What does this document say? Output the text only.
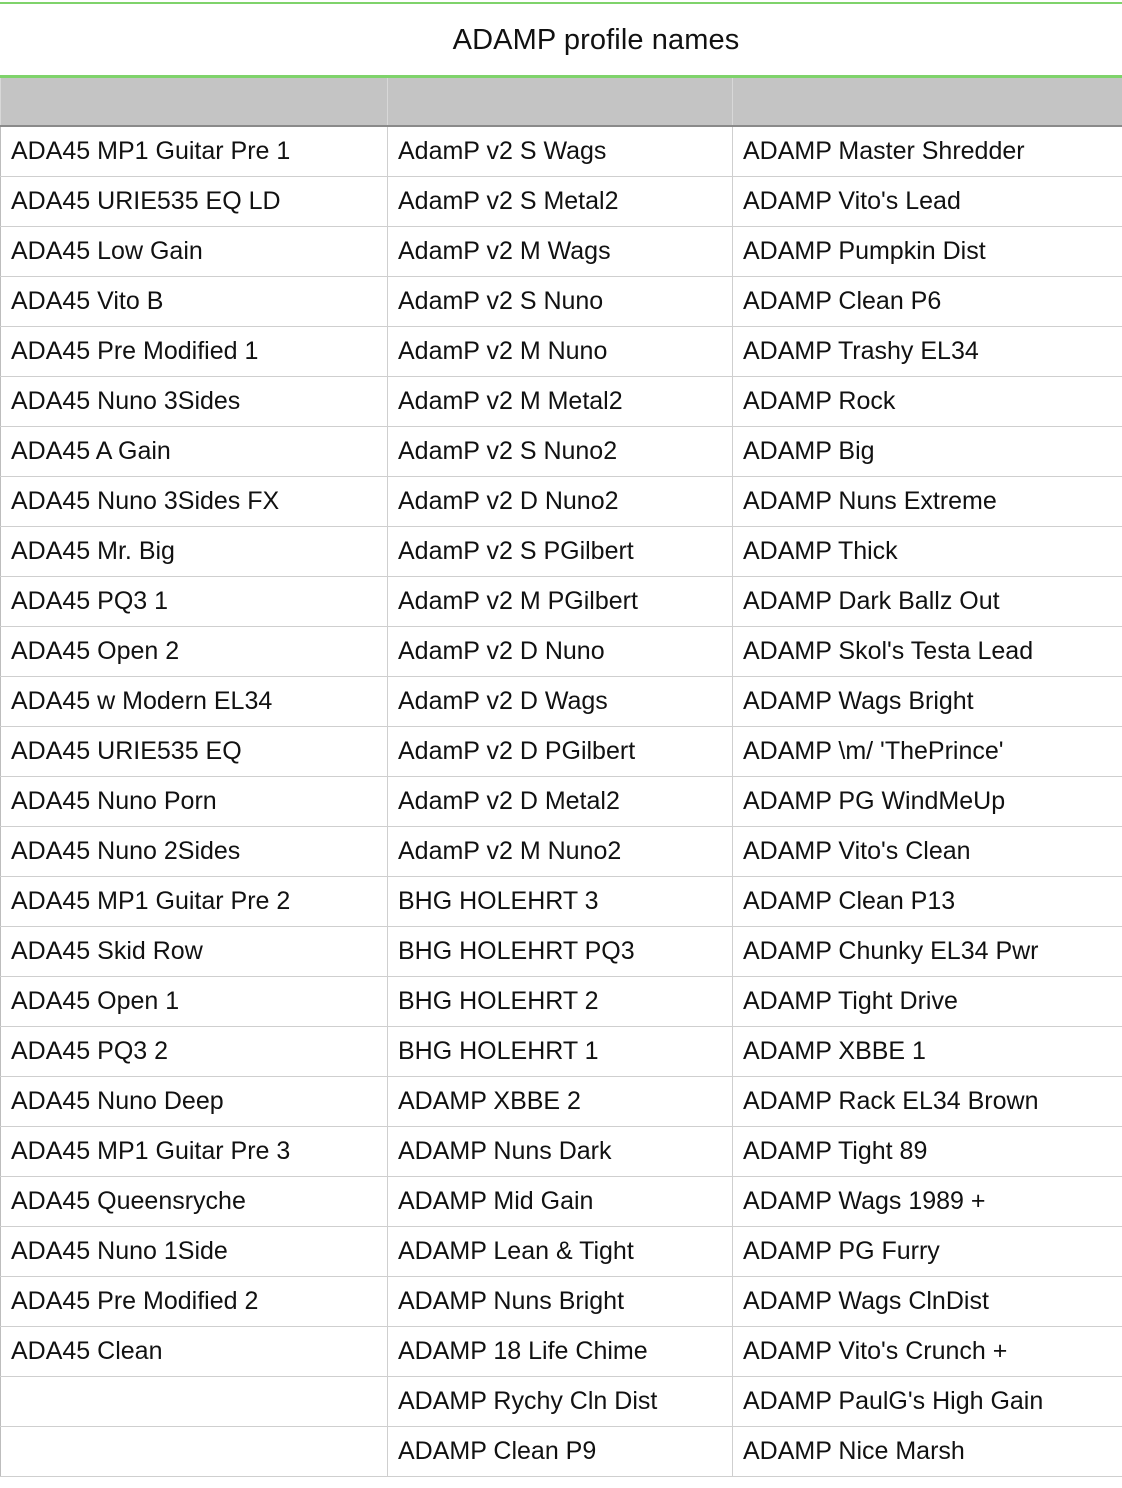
ADAMP profile names

ADA45 MP1 Guitar Pre 1	AdamP v2 S Wags	ADAMP Master Shredder
ADA45 URIE535 EQ LD	AdamP v2 S Metal2	ADAMP Vito's Lead
ADA45 Low Gain	AdamP v2 M Wags	ADAMP Pumpkin Dist
ADA45 Vito B	AdamP v2 S Nuno	ADAMP Clean P6
ADA45 Pre Modified 1	AdamP v2 M Nuno	ADAMP Trashy EL34
ADA45 Nuno 3Sides	AdamP v2 M Metal2	ADAMP Rock
ADA45 A Gain	AdamP v2 S Nuno2	ADAMP Big
ADA45 Nuno 3Sides FX	AdamP v2 D Nuno2	ADAMP Nuns Extreme
ADA45 Mr. Big	AdamP v2 S PGilbert	ADAMP Thick
ADA45 PQ3 1	AdamP v2 M PGilbert	ADAMP Dark Ballz Out
ADA45 Open 2	AdamP v2 D Nuno	ADAMP Skol's Testa Lead
ADA45 w Modern EL34	AdamP v2 D Wags	ADAMP Wags Bright
ADA45 URIE535 EQ	AdamP v2 D PGilbert	ADAMP \m/ 'ThePrince'
ADA45 Nuno Porn	AdamP v2 D Metal2	ADAMP PG WindMeUp
ADA45 Nuno 2Sides	AdamP v2 M Nuno2	ADAMP Vito's Clean
ADA45 MP1 Guitar Pre 2	BHG HOLEHRT 3	ADAMP Clean P13
ADA45 Skid Row	BHG HOLEHRT PQ3	ADAMP Chunky EL34 Pwr
ADA45 Open 1	BHG HOLEHRT 2	ADAMP Tight Drive
ADA45 PQ3 2	BHG HOLEHRT 1	ADAMP XBBE 1
ADA45 Nuno Deep	ADAMP XBBE 2	ADAMP Rack EL34 Brown
ADA45 MP1 Guitar Pre 3	ADAMP Nuns Dark	ADAMP Tight 89
ADA45 Queensryche	ADAMP Mid Gain	ADAMP Wags 1989 +
ADA45 Nuno 1Side	ADAMP Lean & Tight	ADAMP PG Furry
ADA45 Pre Modified 2	ADAMP Nuns Bright	ADAMP Wags ClnDist
ADA45 Clean	ADAMP 18 Life Chime	ADAMP Vito's Crunch +
	ADAMP Rychy Cln Dist	ADAMP PaulG's High Gain
	ADAMP Clean P9	ADAMP Nice Marsh
